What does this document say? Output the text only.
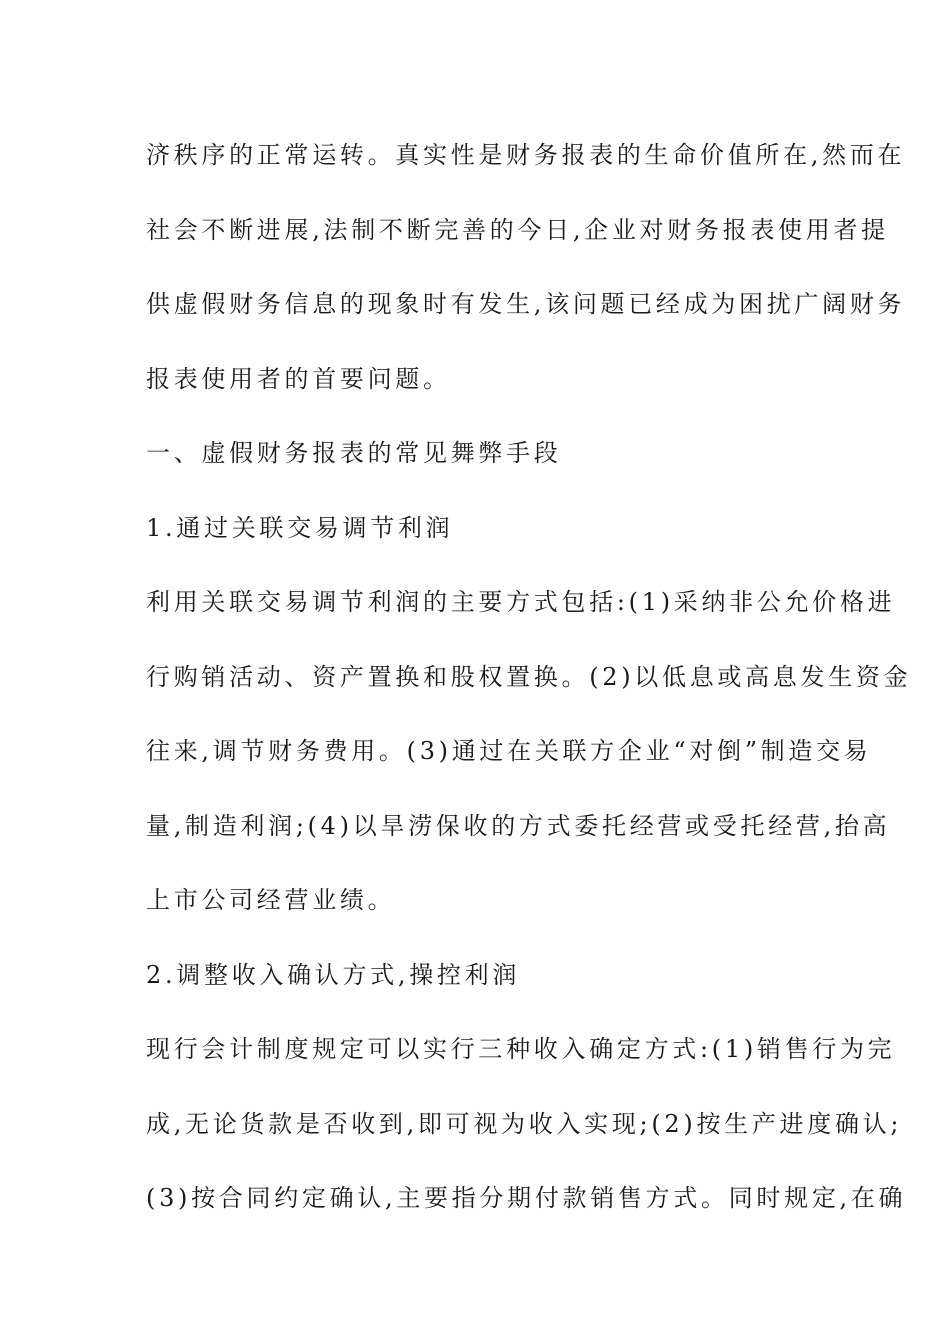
济秩序的正常运转。真实性是财务报表的生命价值所在,然而在
社会不断进展,法制不断完善的今日,企业对财务报表使用者提
供虚假财务信息的现象时有发生,该问题已经成为困扰广阔财务
报表使用者的首要问题。
一、虚假财务报表的常见舞弊手段
1.通过关联交易调节利润
利用关联交易调节利润的主要方式包括:(1)采纳非公允价格进
行购销活动、资产置换和股权置换。(2)以低息或高息发生资金
往来,调节财务费用。(3)通过在关联方企业“对倒”制造交易
量,制造利润;(4)以旱涝保收的方式委托经营或受托经营,抬高
上市公司经营业绩。
2.调整收入确认方式,操控利润
现行会计制度规定可以实行三种收入确定方式:(1)销售行为完
成,无论货款是否收到,即可视为收入实现;(2)按生产进度确认;
(3)按合同约定确认,主要指分期付款销售方式。同时规定,在确
